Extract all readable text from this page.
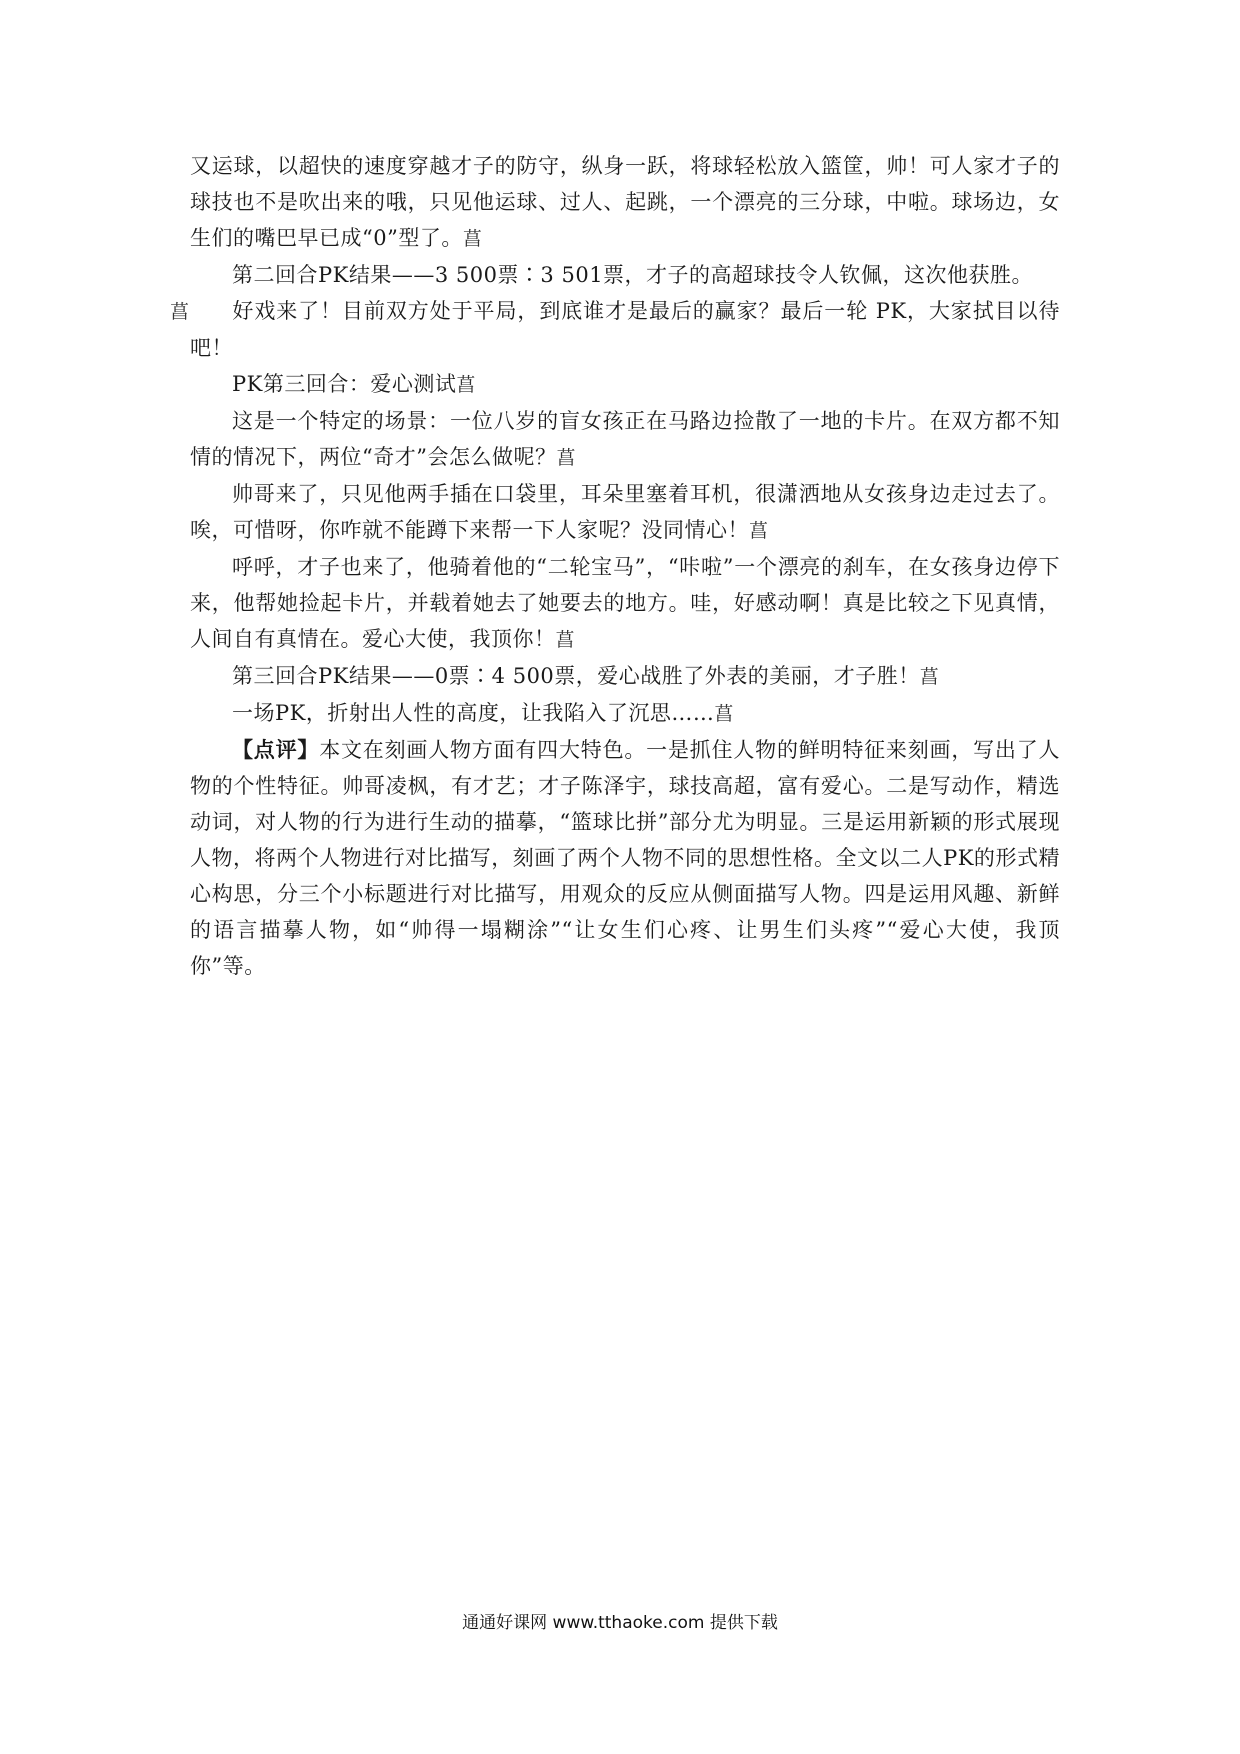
又运球，以超快的速度穿越才子的防守，纵身一跃，将球轻松放入篮筐，帅！可人家才子的球技也不是吹出来的哦，只见他运球、过人、起跳，一个漂亮的三分球，中啦。球场边，女生们的嘴巴早已成“0”型了。菖

第二回合PK结果——3 500票∶3 501票，才子的高超球技令人钦佩，这次他获胜。

菖 好戏来了！目前双方处于平局，到底谁才是最后的赢家？最后一轮 PK，大家拭目以待吧！

PK第三回合：爱心测试菖

这是一个特定的场景：一位八岁的盲女孩正在马路边捡散了一地的卡片。在双方都不知情的情况下，两位“奇才”会怎么做呢？菖

帅哥来了，只见他两手插在口袋里，耳朵里塞着耳机，很潇洒地从女孩身边走过去了。唉，可惜呀，你咋就不能蹲下来帮一下人家呢？没同情心！菖

呼呼，才子也来了，他骑着他的“二轮宝马”，“咔啦”一个漂亮的刹车，在女孩身边停下来，他帮她捡起卡片，并载着她去了她要去的地方。哇，好感动啊！真是比较之下见真情，人间自有真情在。爱心大使，我顶你！菖

第三回合PK结果——0票∶4 500票，爱心战胜了外表的美丽，才子胜！菖

一场PK，折射出人性的高度，让我陷入了沉思……菖

【点评】本文在刻画人物方面有四大特色。一是抓住人物的鲜明特征来刻画，写出了人物的个性特征。帅哥凌枫，有才艺；才子陈泽宇，球技高超，富有爱心。二是写动作，精选动词，对人物的行为进行生动的描摹，“篮球比拼”部分尤为明显。三是运用新颖的形式展现人物，将两个人物进行对比描写，刻画了两个人物不同的思想性格。全文以二人PK的形式精心构思，分三个小标题进行对比描写，用观众的反应从侧面描写人物。四是运用风趣、新鲜的语言描摹人物，如“帅得一塌糊涂”“让女生们心疼、让男生们头疼”“爱心大使，我顶你”等。

通通好课网 www.tthaoke.com 提供下载
